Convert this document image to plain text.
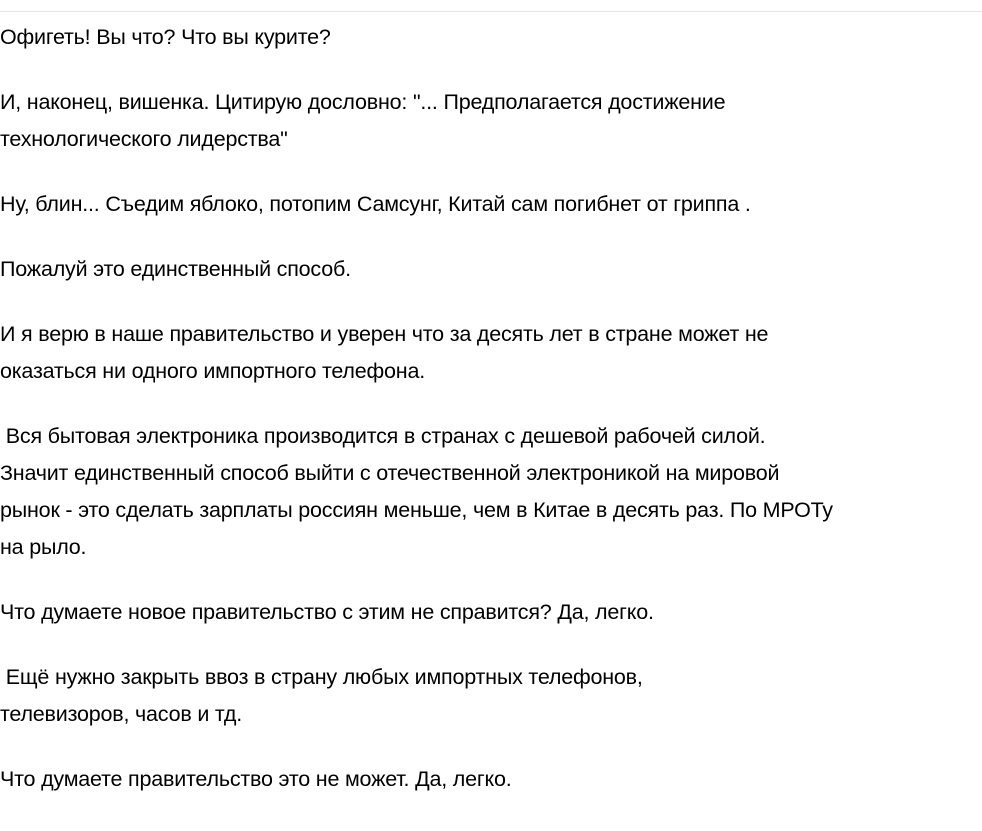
Офигеть! Вы что? Что вы курите?

И, наконец, вишенка. Цитирую дословно: "... Предполагается достижение технологического лидерства"

Ну, блин... Съедим яблоко, потопим Самсунг, Китай сам погибнет от гриппа .

Пожалуй это единственный способ.

И я верю в наше правительство и уверен что за десять лет в стране может не оказаться ни одного импортного телефона.

Вся бытовая электроника производится в странах с дешевой рабочей силой. Значит единственный способ выйти с отечественной электроникой на мировой рынок - это сделать зарплаты россиян меньше, чем в Китае в десять раз. По МРОТу на рыло.

Что думаете новое правительство с этим не справится? Да, легко.

Ещё нужно закрыть ввоз в страну любых импортных телефонов, телевизоров, часов и тд.

Что думаете правительство это не может. Да, легко.
